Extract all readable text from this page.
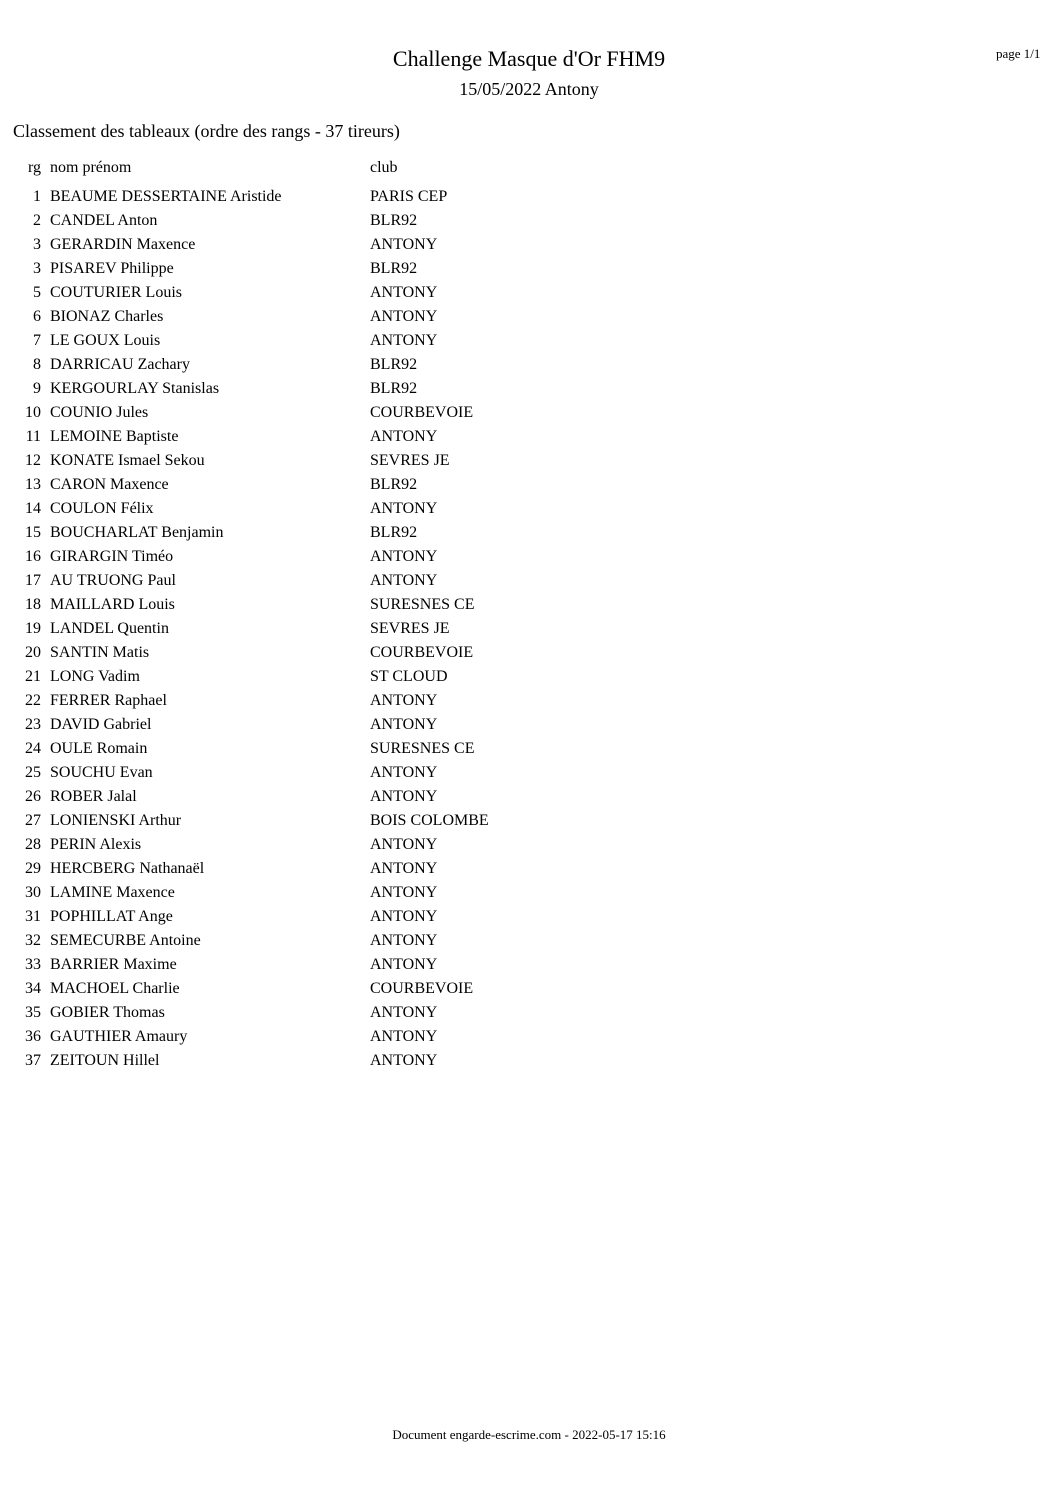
Challenge Masque d'Or FHM9
15/05/2022 Antony
page 1/1
Classement des tableaux (ordre des rangs - 37 tireurs)
rg nom prénom	club
1 BEAUME DESSERTAINE Aristide	PARIS CEP
2 CANDEL Anton	BLR92
3 GERARDIN Maxence	ANTONY
3 PISAREV Philippe	BLR92
5 COUTURIER Louis	ANTONY
6 BIONAZ Charles	ANTONY
7 LE GOUX Louis	ANTONY
8 DARRICAU Zachary	BLR92
9 KERGOURLAY Stanislas	BLR92
10 COUNIO Jules	COURBEVOIE
11 LEMOINE Baptiste	ANTONY
12 KONATE Ismael Sekou	SEVRES JE
13 CARON Maxence	BLR92
14 COULON Félix	ANTONY
15 BOUCHARLAT Benjamin	BLR92
16 GIRARGIN Timéo	ANTONY
17 AU TRUONG Paul	ANTONY
18 MAILLARD Louis	SURESNES CE
19 LANDEL Quentin	SEVRES JE
20 SANTIN Matis	COURBEVOIE
21 LONG Vadim	ST CLOUD
22 FERRER Raphael	ANTONY
23 DAVID Gabriel	ANTONY
24 OULE Romain	SURESNES CE
25 SOUCHU Evan	ANTONY
26 ROBER Jalal	ANTONY
27 LONIENSKI Arthur	BOIS COLOMBE
28 PERIN Alexis	ANTONY
29 HERCBERG Nathanaël	ANTONY
30 LAMINE Maxence	ANTONY
31 POPHILLAT Ange	ANTONY
32 SEMECURBE Antoine	ANTONY
33 BARRIER Maxime	ANTONY
34 MACHOEL Charlie	COURBEVOIE
35 GOBIER Thomas	ANTONY
36 GAUTHIER Amaury	ANTONY
37 ZEITOUN Hillel	ANTONY
Document engarde-escrime.com - 2022-05-17 15:16
